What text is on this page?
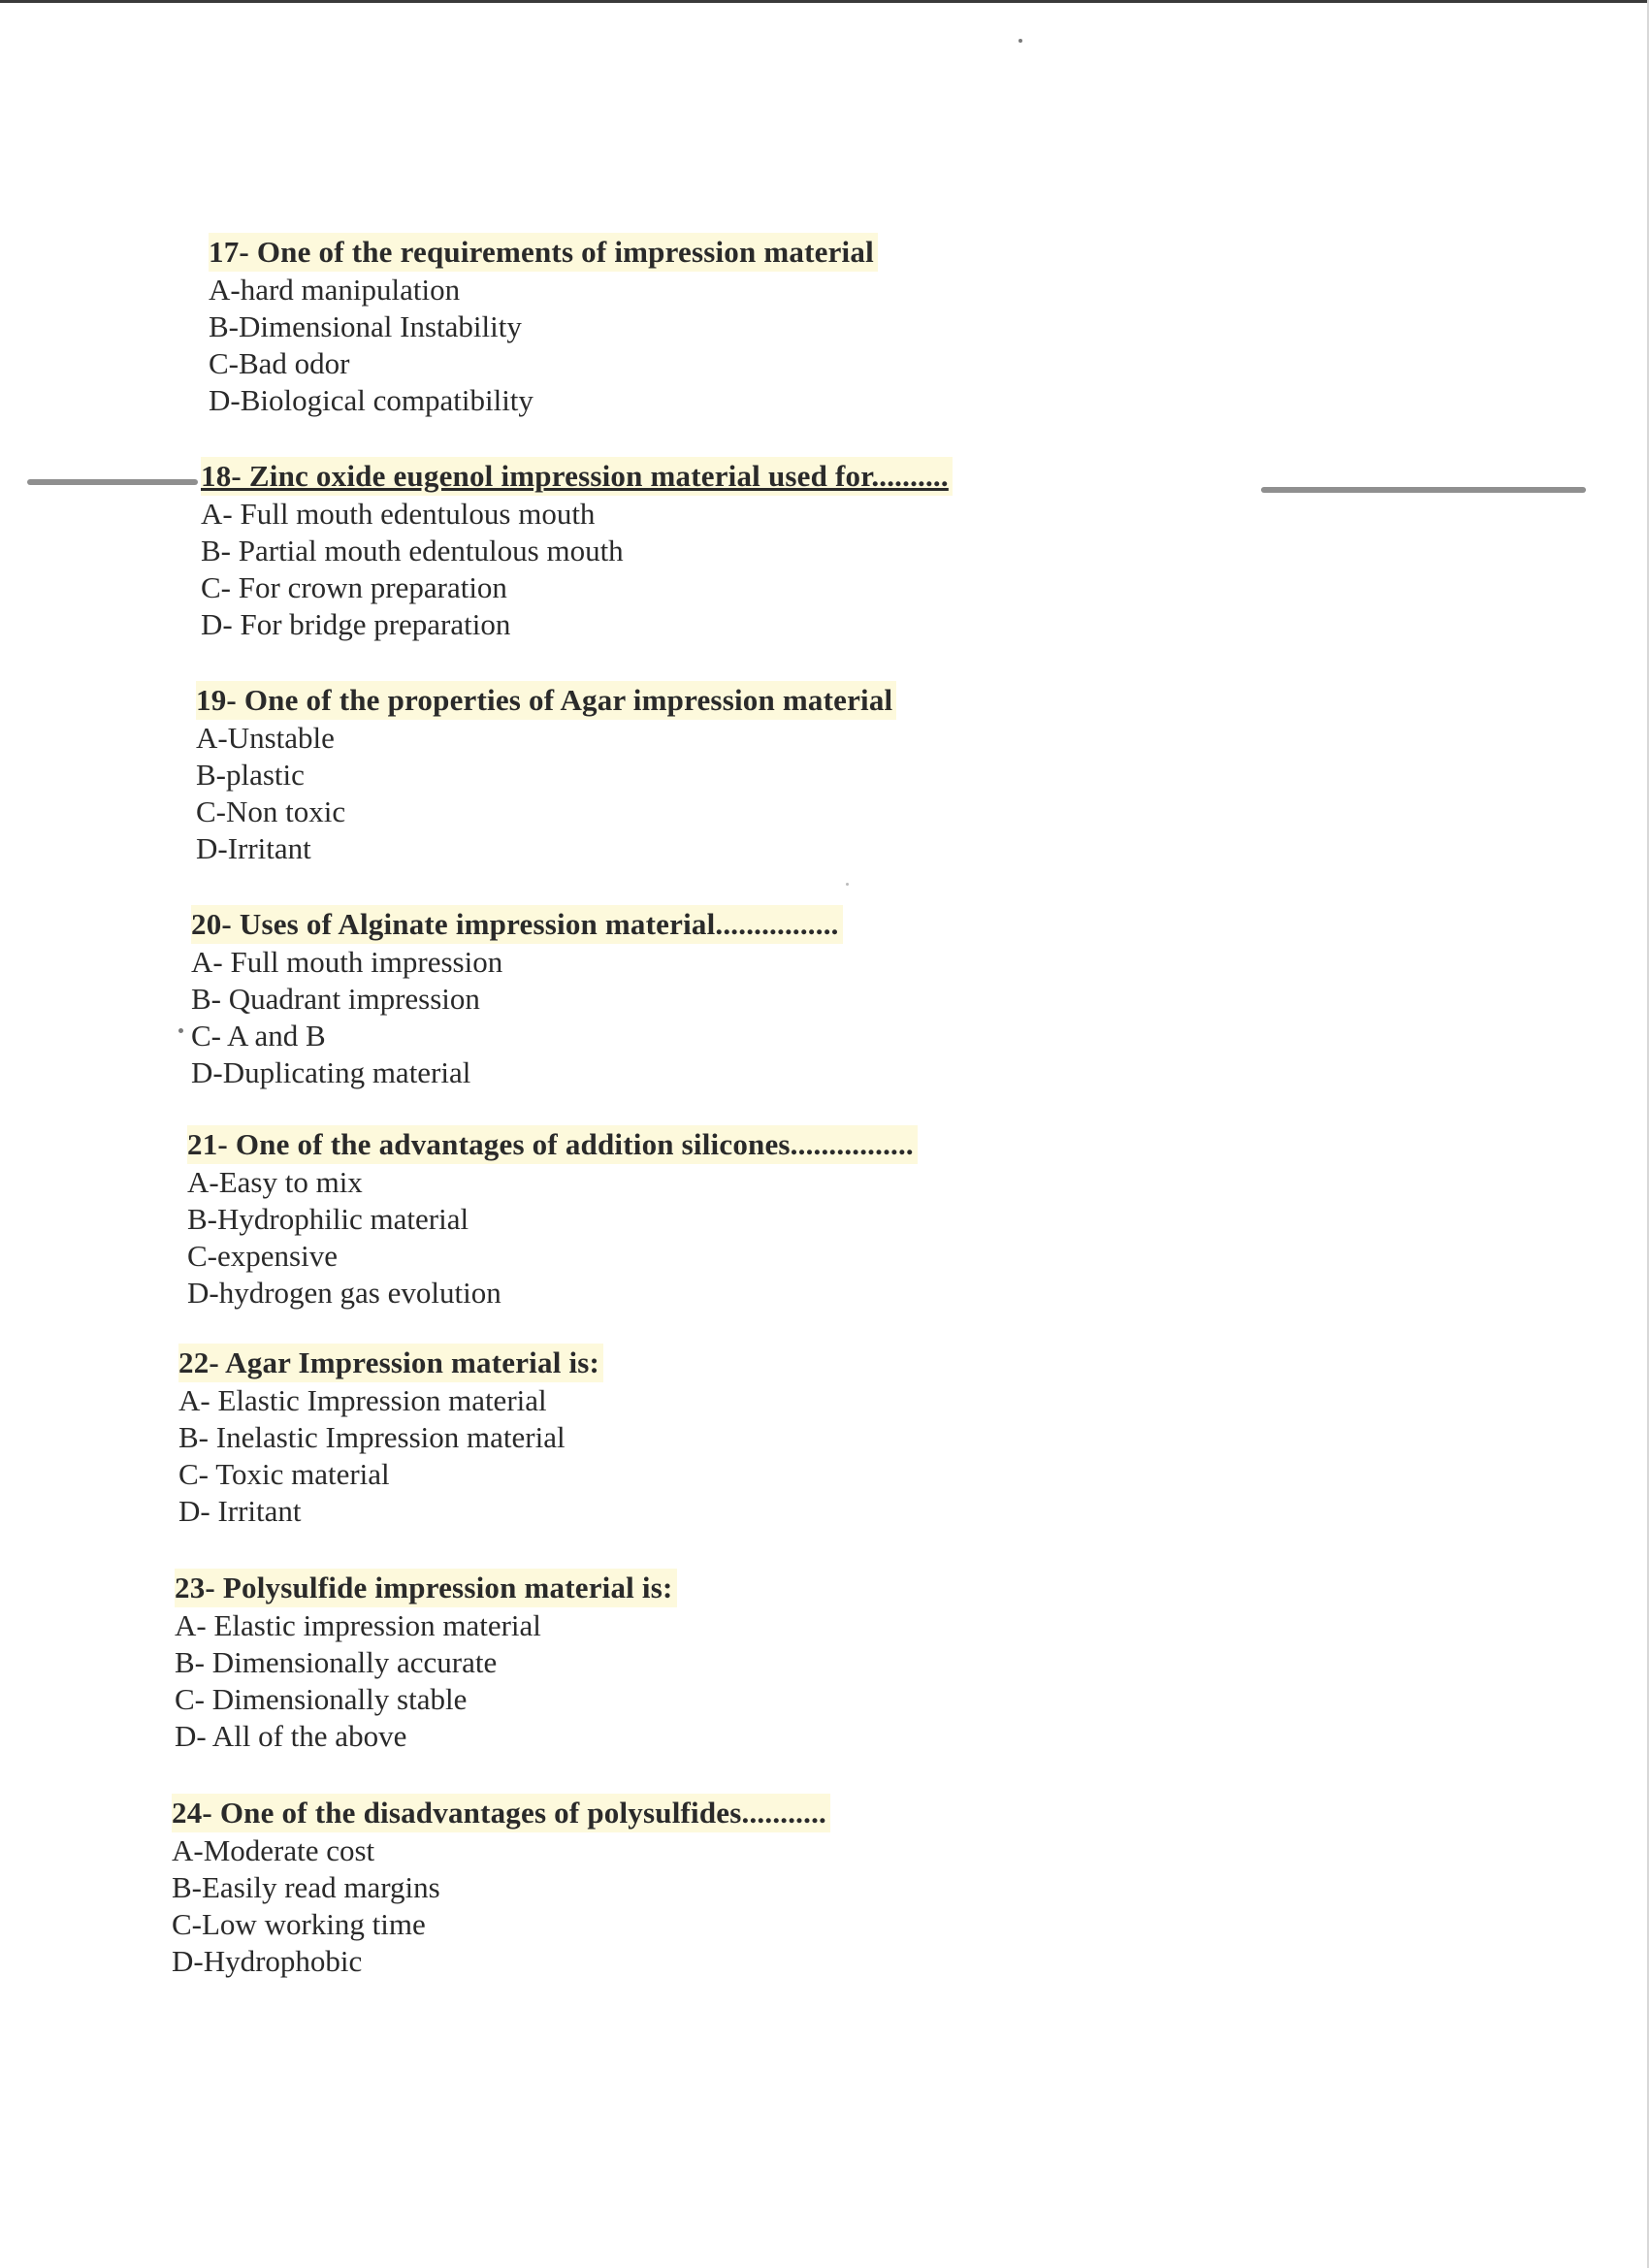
17- One of the requirements of impression material
A-hard manipulation
B-Dimensional Instability
C-Bad odor
D-Biological compatibility
18- Zinc oxide eugenol impression material used for..........
A- Full mouth edentulous mouth
B- Partial mouth edentulous mouth
C- For crown preparation
D- For bridge preparation
19- One of the properties of Agar impression material
A-Unstable
B-plastic
C-Non toxic
D-Irritant
20- Uses of Alginate impression material................
A- Full mouth impression
B- Quadrant impression
C- A and B
D-Duplicating material
21- One of the advantages of addition silicones................
A-Easy to mix
B-Hydrophilic material
C-expensive
D-hydrogen gas evolution
22- Agar Impression material is:
A- Elastic Impression material
B- Inelastic Impression material
C- Toxic material
D- Irritant
23- Polysulfide impression material is:
A- Elastic impression material
B- Dimensionally accurate
C- Dimensionally stable
D- All of the above
24- One of the disadvantages of polysulfides...........
A-Moderate cost
B-Easily read margins
C-Low working time
D-Hydrophobic
